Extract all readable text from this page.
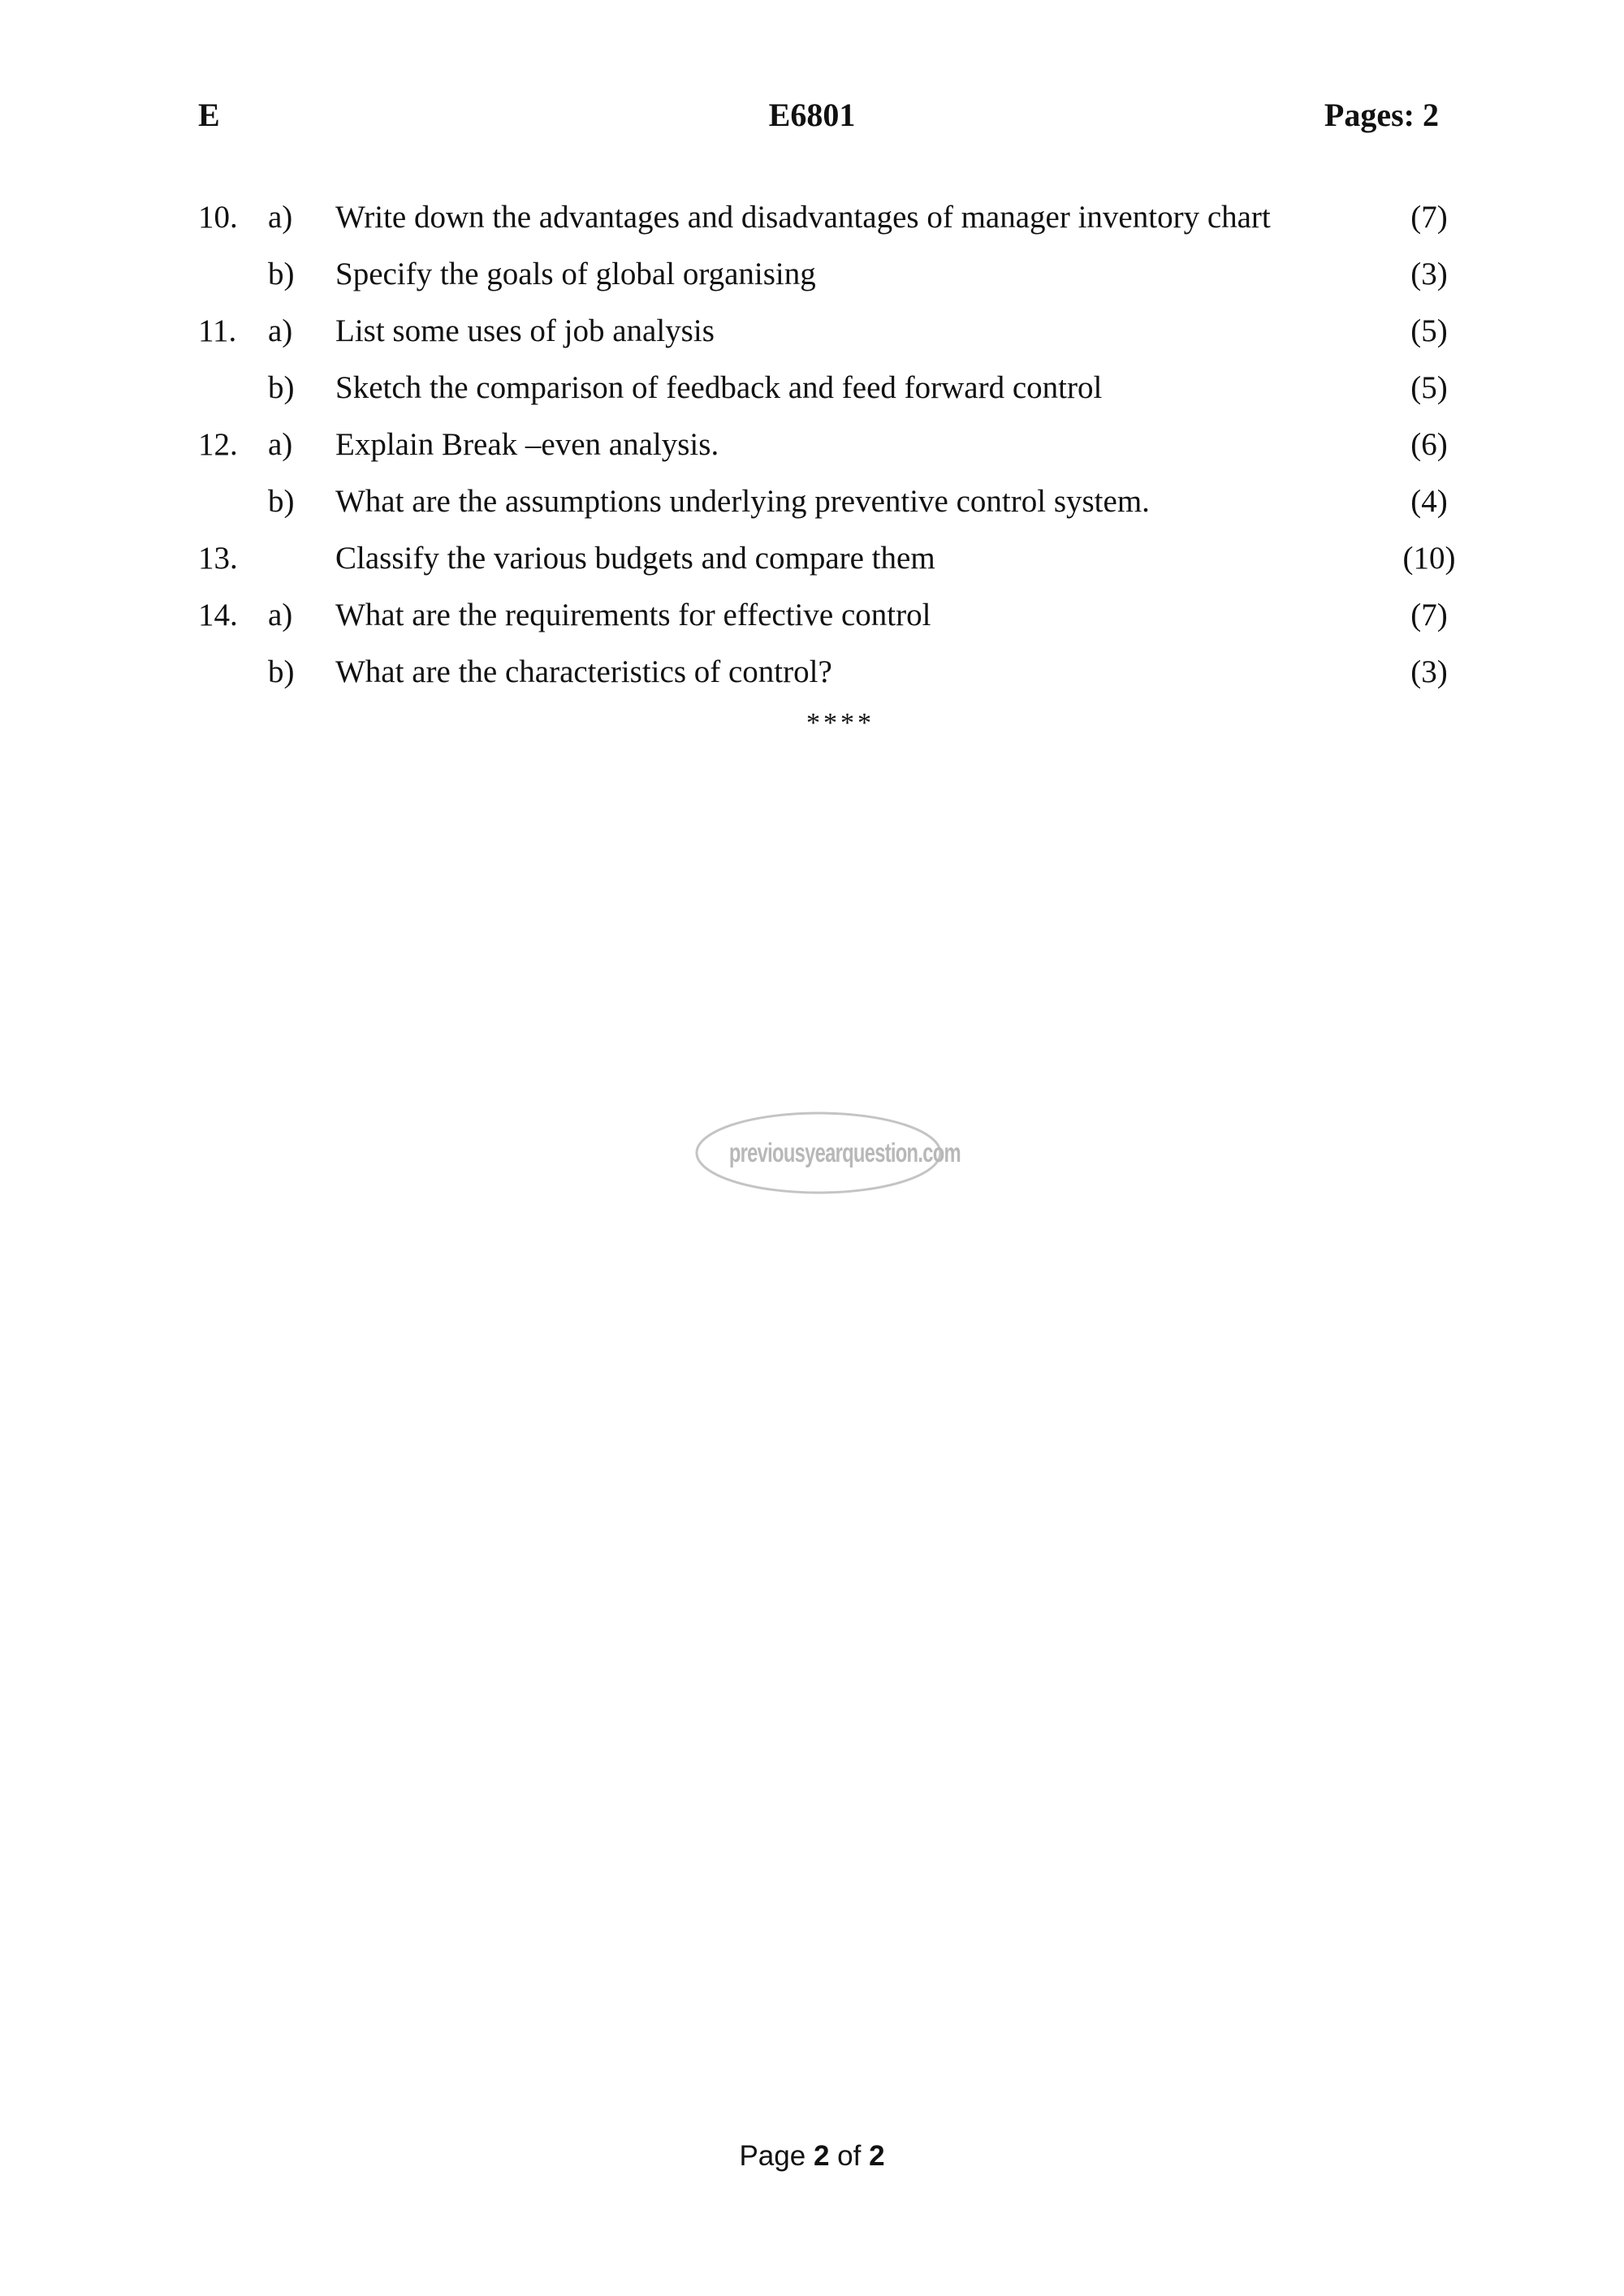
E	E6801	Pages: 2
10. a) Write down the advantages and disadvantages of manager inventory chart	(7)
b) Specify the goals of global organising	(3)
11. a) List some uses of job analysis	(5)
b) Sketch the comparison of feedback and feed forward control	(5)
12. a) Explain Break –even analysis.	(6)
b) What are the assumptions underlying preventive control system.	(4)
13.	Classify the various budgets and compare them	(10)
14. a) What are the requirements for effective control	(7)
b) What are the characteristics of control?	(3)
****
previousyearquestion.com
Page 2 of 2
